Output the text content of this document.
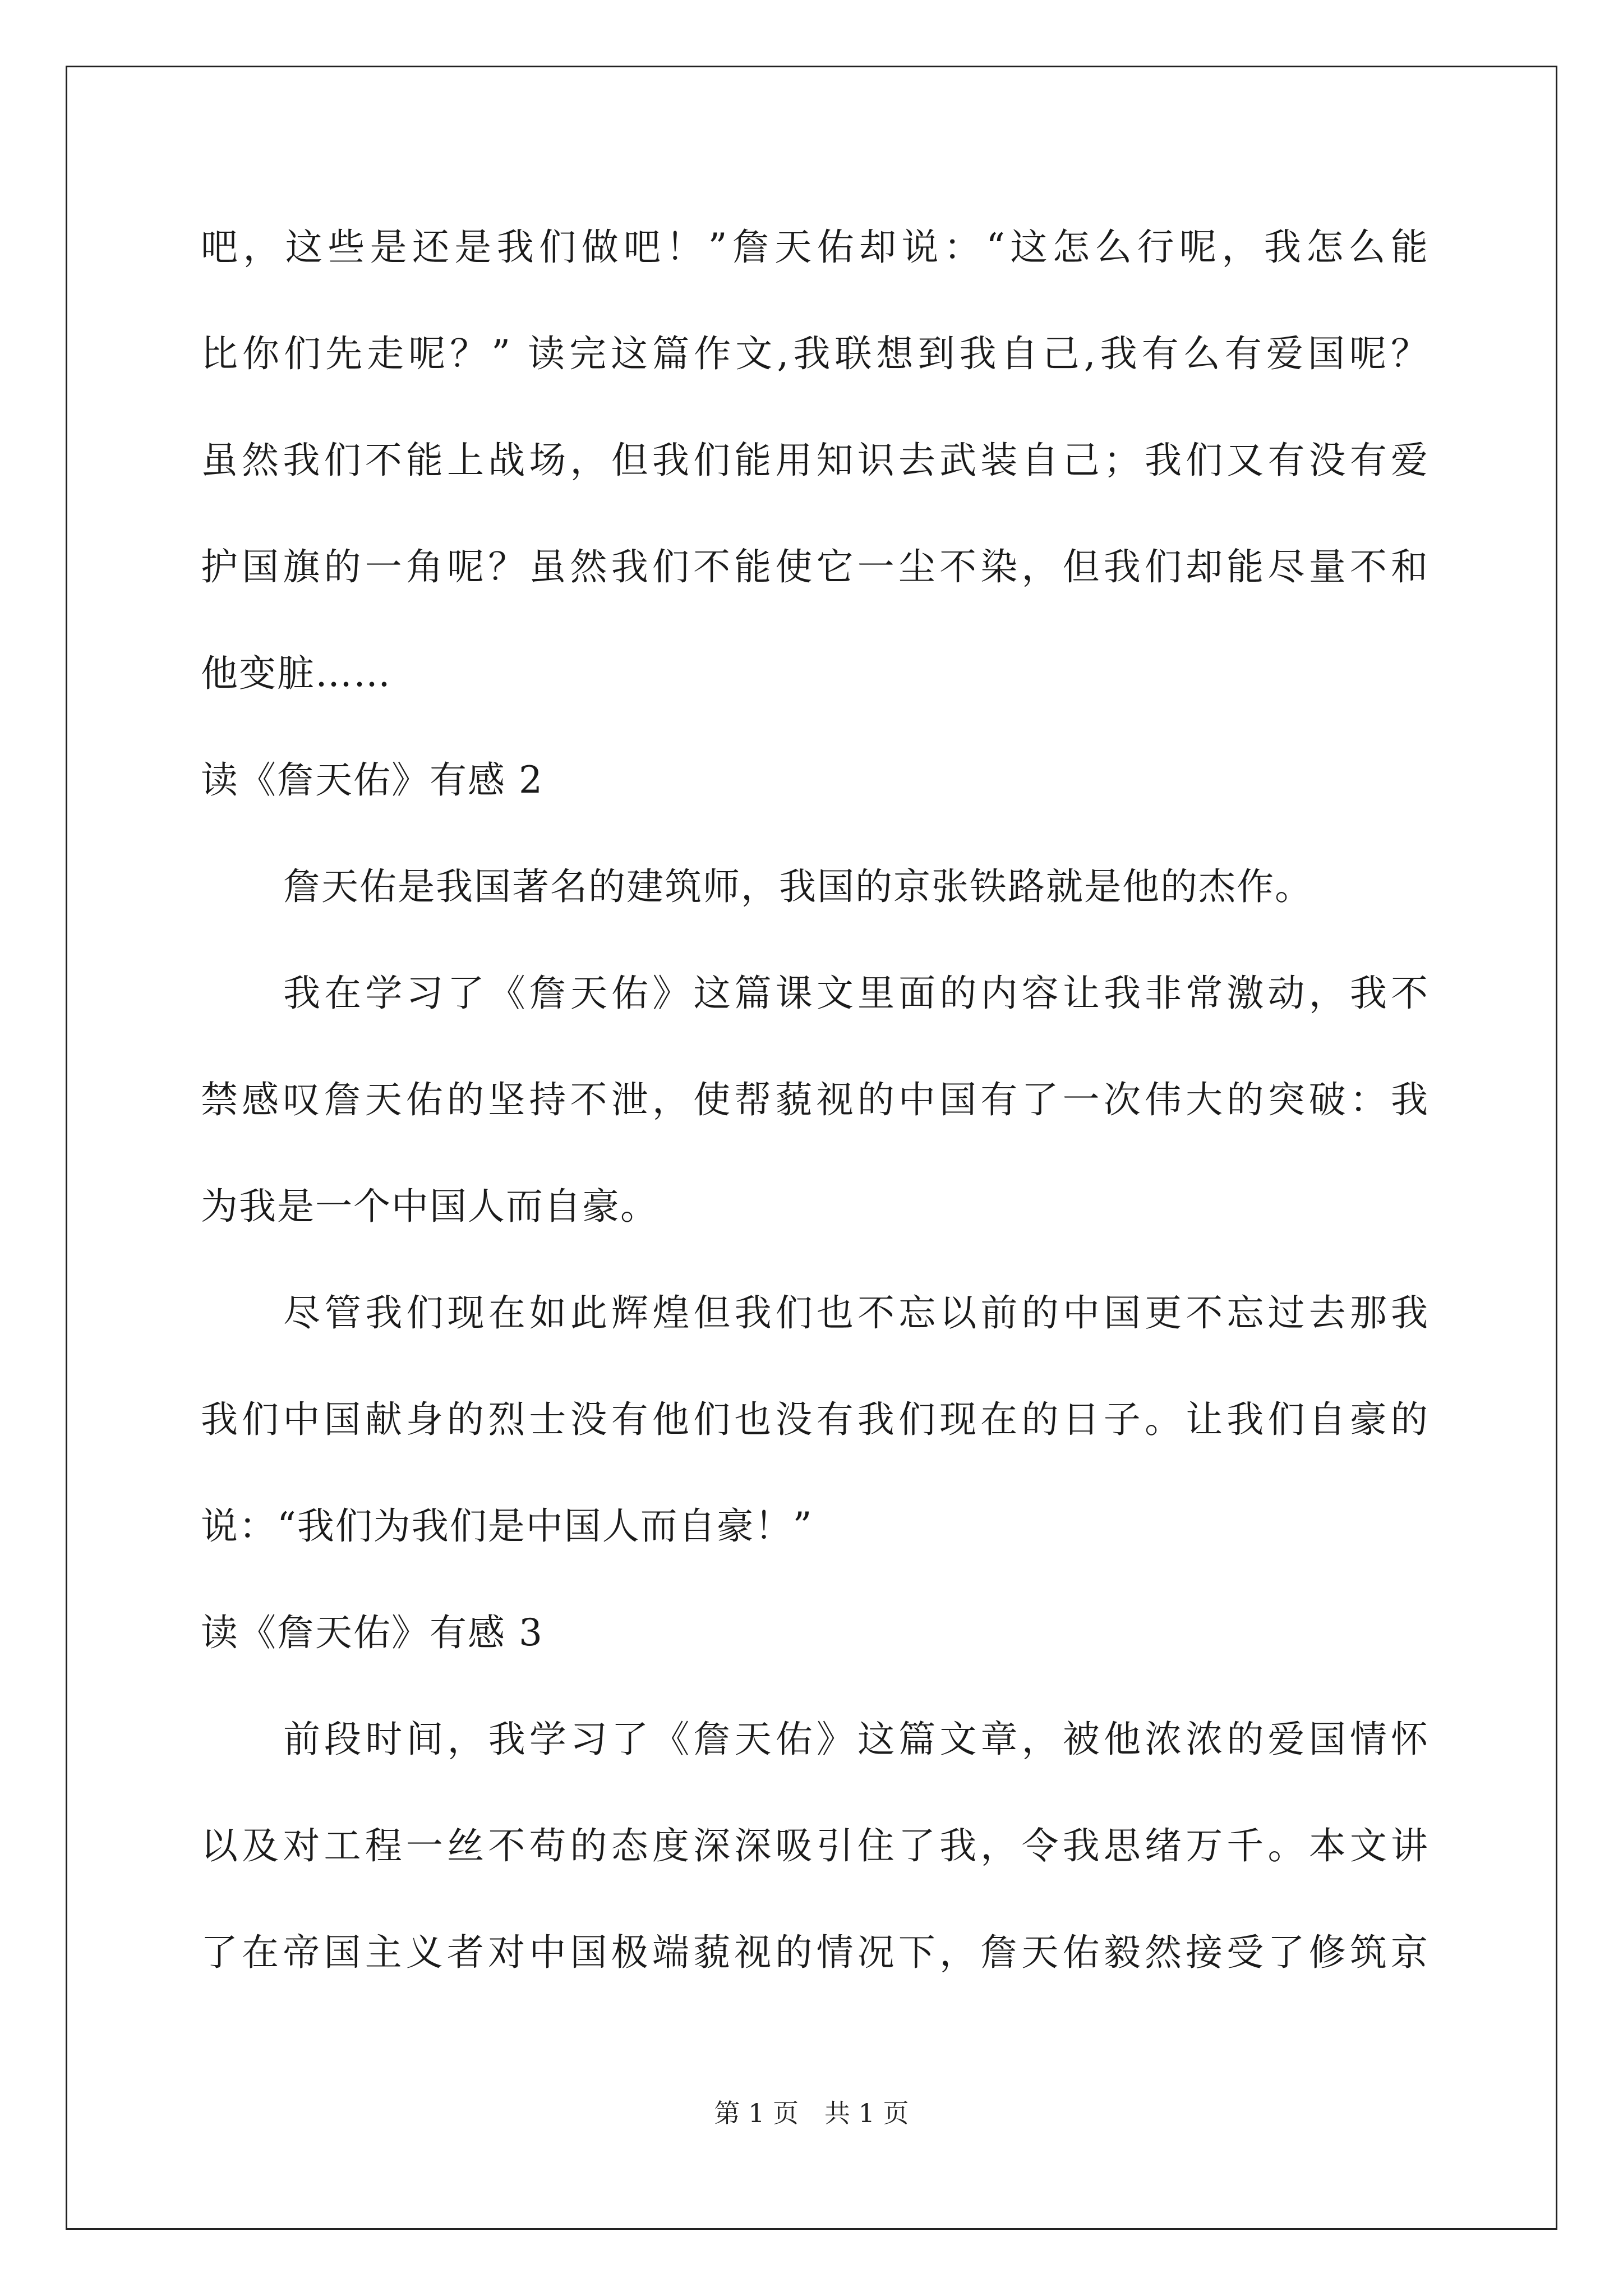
吧，这些是还是我们做吧！”詹天佑却说：“这怎么行呢，我怎么能
比你们先走呢？” 读完这篇作文,我联想到我自己,我有么有爱国呢？
虽然我们不能上战场，但我们能用知识去武装自己；我们又有没有爱
护国旗的一角呢？虽然我们不能使它一尘不染，但我们却能尽量不和
他变脏……
读《詹天佑》有感 2
詹天佑是我国著名的建筑师，我国的京张铁路就是他的杰作。
我在学习了《詹天佑》这篇课文里面的内容让我非常激动，我不
禁感叹詹天佑的坚持不泄，使帮藐视的中国有了一次伟大的突破：我
为我是一个中国人而自豪。
尽管我们现在如此辉煌但我们也不忘以前的中国更不忘过去那我
我们中国献身的烈士没有他们也没有我们现在的日子。让我们自豪的
说：“我们为我们是中国人而自豪！”
读《詹天佑》有感 3
前段时间，我学习了《詹天佑》这篇文章，被他浓浓的爱国情怀
以及对工程一丝不苟的态度深深吸引住了我，令我思绪万千。本文讲
了在帝国主义者对中国极端藐视的情况下，詹天佑毅然接受了修筑京
第 1 页　共 1 页
